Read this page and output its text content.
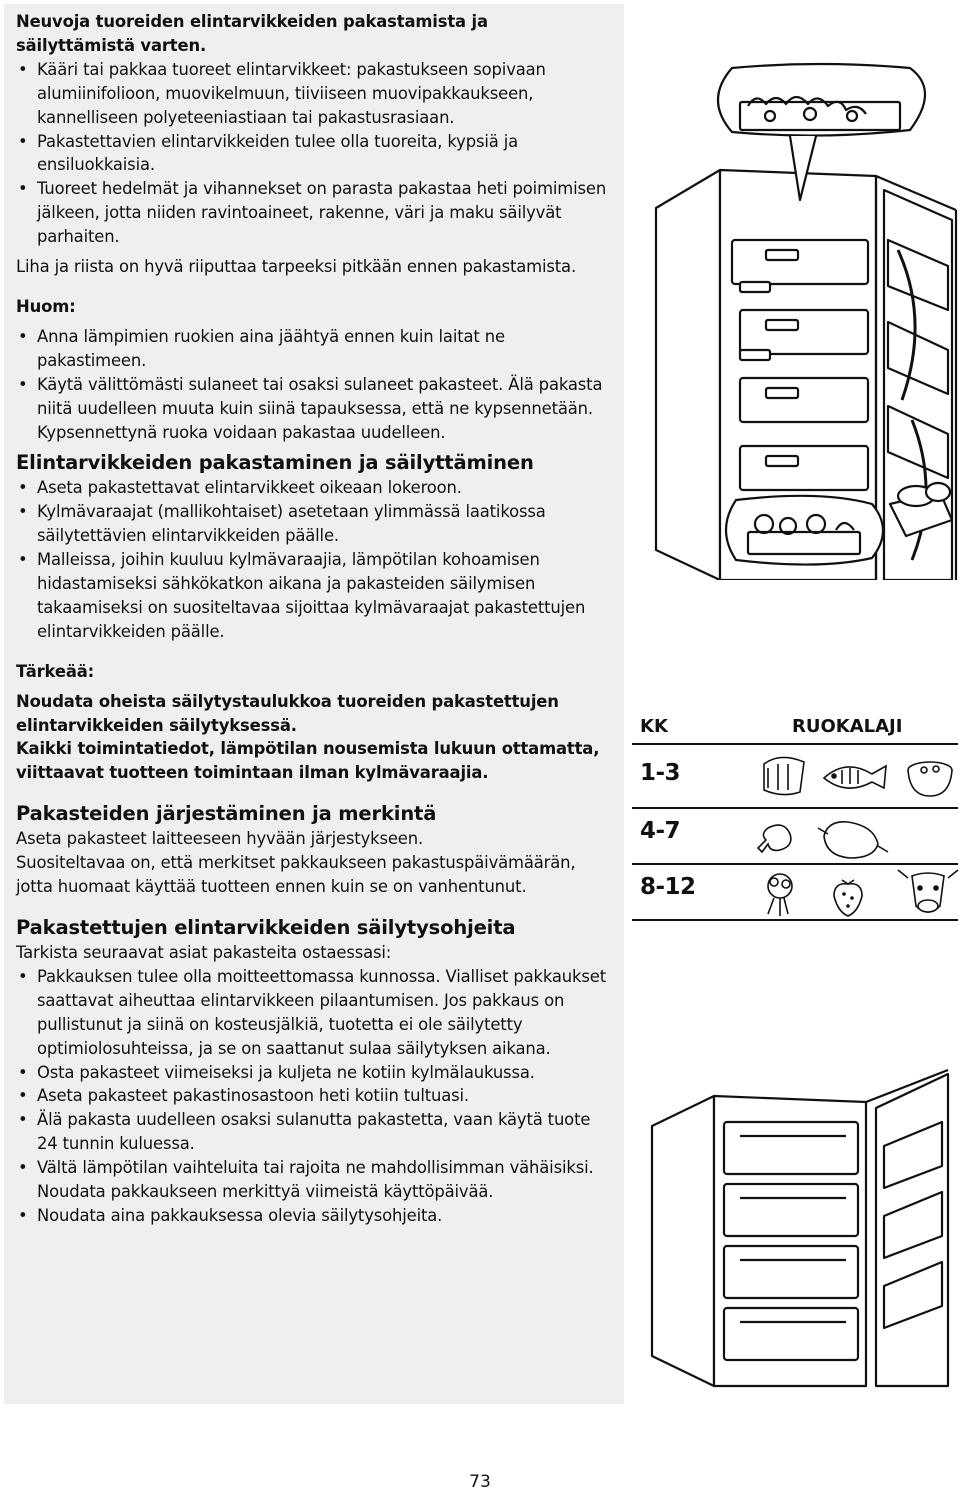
Neuvoja tuoreiden elintarvikkeiden pakastamista ja säilyttämistä varten.

• Kääri tai pakkaa tuoreet elintarvikkeet: pakastukseen sopivaan alumiinifolioon, muovikelmuun, tiiviiseen muovipakkaukseen, kannelliseen polyeteeniastiaan tai pakastusrasiaan.
• Pakastettavien elintarvikkeiden tulee olla tuoreita, kypsiä ja ensiluokkaisia.
• Tuoreet hedelmät ja vihannekset on parasta pakastaa heti poimimisen jälkeen, jotta niiden ravintoaineet, rakenne, väri ja maku säilyvät parhaiten.

Liha ja riista on hyvä riiputtaa tarpeeksi pitkään ennen pakastamista.

Huom:

• Anna lämpimien ruokien aina jäähtyä ennen kuin laitat ne pakastimeen.
• Käytä välittömästi sulaneet tai osaksi sulaneet pakasteet. Älä pakasta niitä uudelleen muuta kuin siinä tapauksessa, että ne kypsennetään. Kypsennettynä ruoka voidaan pakastaa uudelleen.

Elintarvikkeiden pakastaminen ja säilyttäminen

• Aseta pakastettavat elintarvikkeet oikeaan lokeroon.
• Kylmävaraajat (mallikohtaiset) asetetaan ylimmässä laatikossa säilytettävien elintarvikkeiden päälle.
• Malleissa, joihin kuuluu kylmävaraajia, lämpötilan kohoamisen hidastamiseksi sähkökatkon aikana ja pakasteiden säilymisen takaamiseksi on suositeltavaa sijoittaa kylmävaraajat pakastettujen elintarvikkeiden päälle.

Tärkeää:

Noudata oheista säilytystaulukkoa tuoreiden pakastettujen elintarvikkeiden säilytyksessä.

Kaikki toimintatiedot, lämpötilan nousemista lukuun ottamatta, viittaavat tuotteen toimintaan ilman kylmävaraajia.

Pakasteiden järjestäminen ja merkintä

Aseta pakasteet laitteeseen hyvään järjestykseen.

Suositeltavaa on, että merkitset pakkaukseen pakastuspäivämäärän, jotta huomaat käyttää tuotteen ennen kuin se on vanhentunut.

Pakastettujen elintarvikkeiden säilytysohjeita

Tarkista seuraavat asiat pakasteita ostaessasi:

• Pakkauksen tulee olla moitteettomassa kunnossa. Vialliset pakkaukset saattavat aiheuttaa elintarvikkeen pilaantumisen. Jos pakkaus on pullistunut ja siinä on kosteusjälkiä, tuotetta ei ole säilytetty optimiolosuhteissa, ja se on saattanut sulaa säilytyksen aikana.
• Osta pakasteet viimeiseksi ja kuljeta ne kotiin kylmälaukussa.
• Aseta pakasteet pakastinosastoon heti kotiin tultuasi.
• Älä pakasta uudelleen osaksi sulanutta pakastetta, vaan käytä tuote 24 tunnin kuluessa.
• Vältä lämpötilan vaihteluita tai rajoita ne mahdollisimman vähäisiksi. Noudata pakkaukseen merkittyä viimeistä käyttöpäivää.
• Noudata aina pakkauksessa olevia säilytysohjeita.
KK	RUOKALAJI
1-3
4-7
8-12
73
